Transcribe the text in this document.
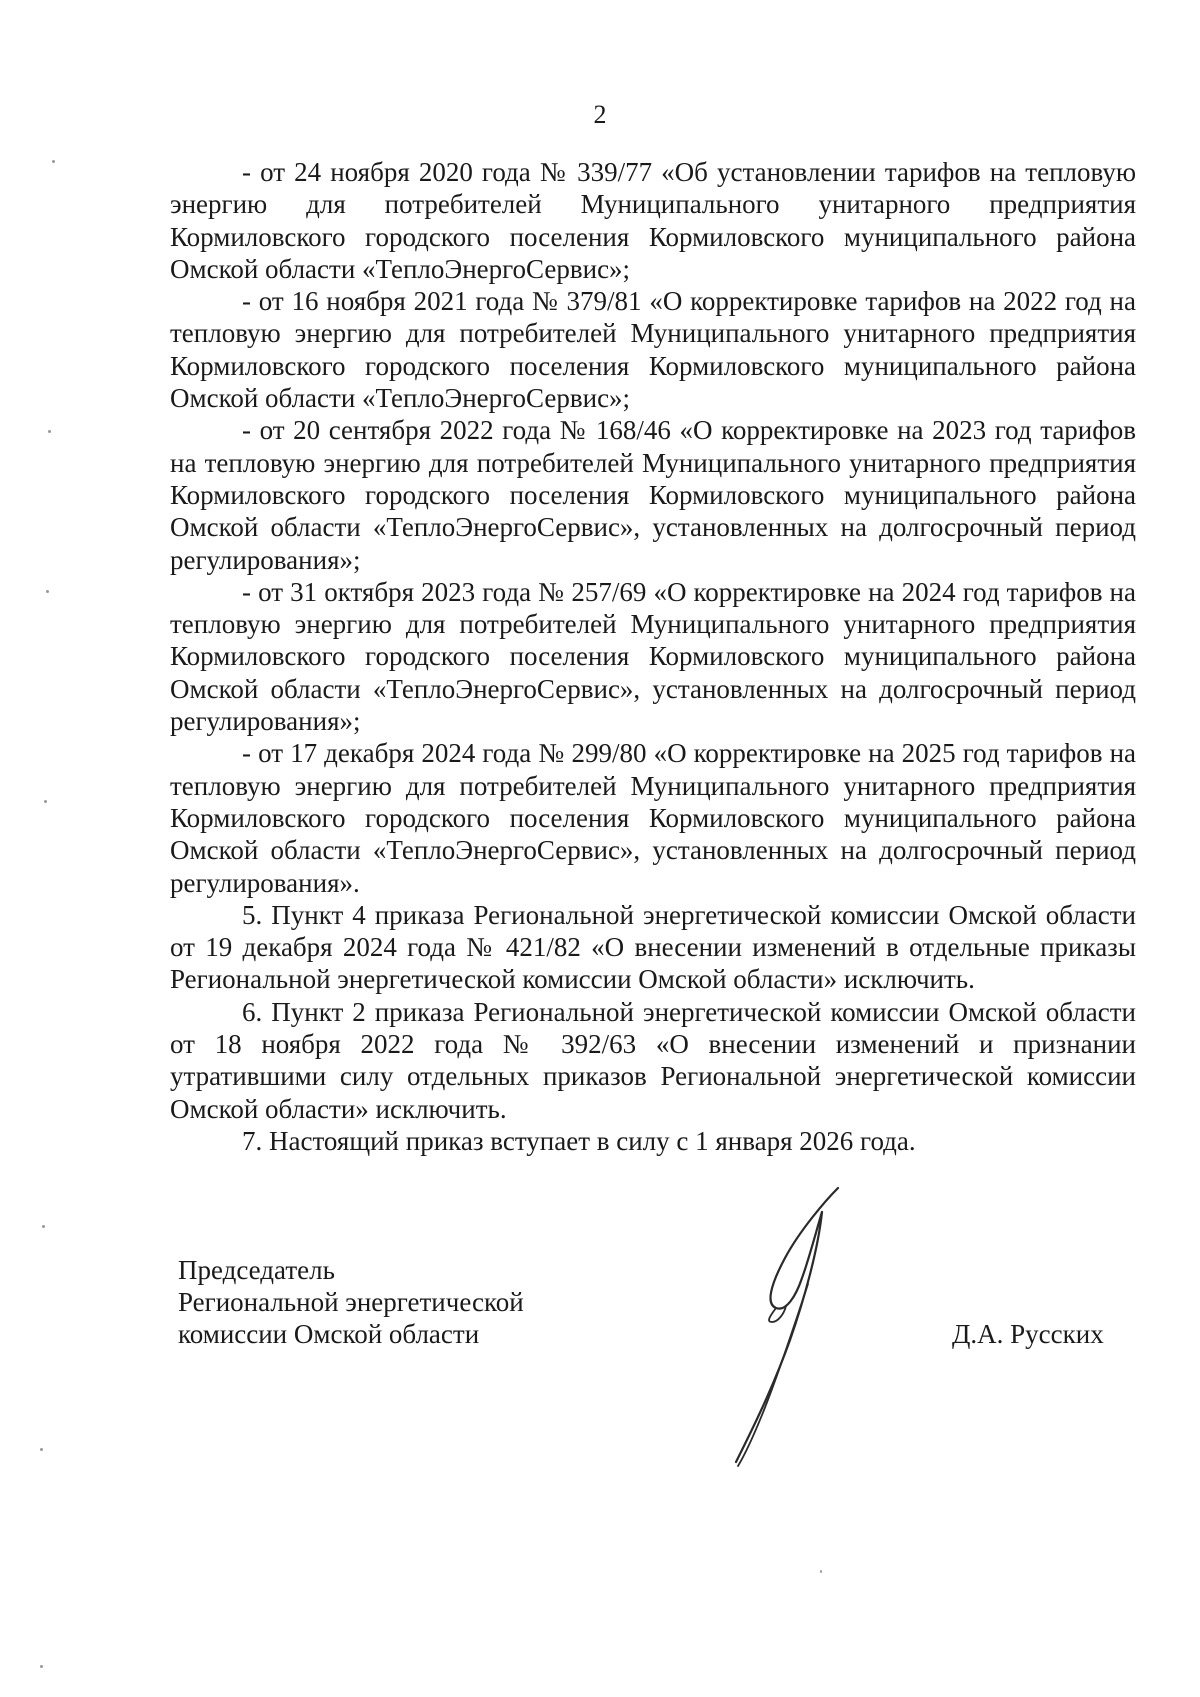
2

- от 24 ноября 2020 года № 339/77 «Об установлении тарифов на тепловую энергию для потребителей Муниципального унитарного предприятия Кормиловского городского поселения Кормиловского муниципального района Омской области «ТеплоЭнергоСервис»;

- от 16 ноября 2021 года № 379/81 «О корректировке тарифов на 2022 год на тепловую энергию для потребителей Муниципального унитарного предприятия Кормиловского городского поселения Кормиловского муниципального района Омской области «ТеплоЭнергоСервис»;

- от 20 сентября 2022 года № 168/46 «О корректировке на 2023 год тарифов на тепловую энергию для потребителей Муниципального унитарного предприятия Кормиловского городского поселения Кормиловского муниципального района Омской области «ТеплоЭнергоСервис», установленных на долгосрочный период регулирования»;

- от 31 октября 2023 года № 257/69 «О корректировке на 2024 год тарифов на тепловую энергию для потребителей Муниципального унитарного предприятия Кормиловского городского поселения Кормиловского муниципального района Омской области «ТеплоЭнергоСервис», установленных на долгосрочный период регулирования»;

- от 17 декабря 2024 года № 299/80 «О корректировке на 2025 год тарифов на тепловую энергию для потребителей Муниципального унитарного предприятия Кормиловского городского поселения Кормиловского муниципального района Омской области «ТеплоЭнергоСервис», установленных на долгосрочный период регулирования».

5. Пункт 4 приказа Региональной энергетической комиссии Омской области от 19 декабря 2024 года № 421/82 «О внесении изменений в отдельные приказы Региональной энергетической комиссии Омской области» исключить.

6. Пункт 2 приказа Региональной энергетической комиссии Омской области от 18 ноября 2022 года № 392/63 «О внесении изменений и признании утратившими силу отдельных приказов Региональной энергетической комиссии Омской области» исключить.

7. Настоящий приказ вступает в силу с 1 января 2026 года.

Председатель
Региональной энергетической
комиссии Омской области	Д.А. Русских
